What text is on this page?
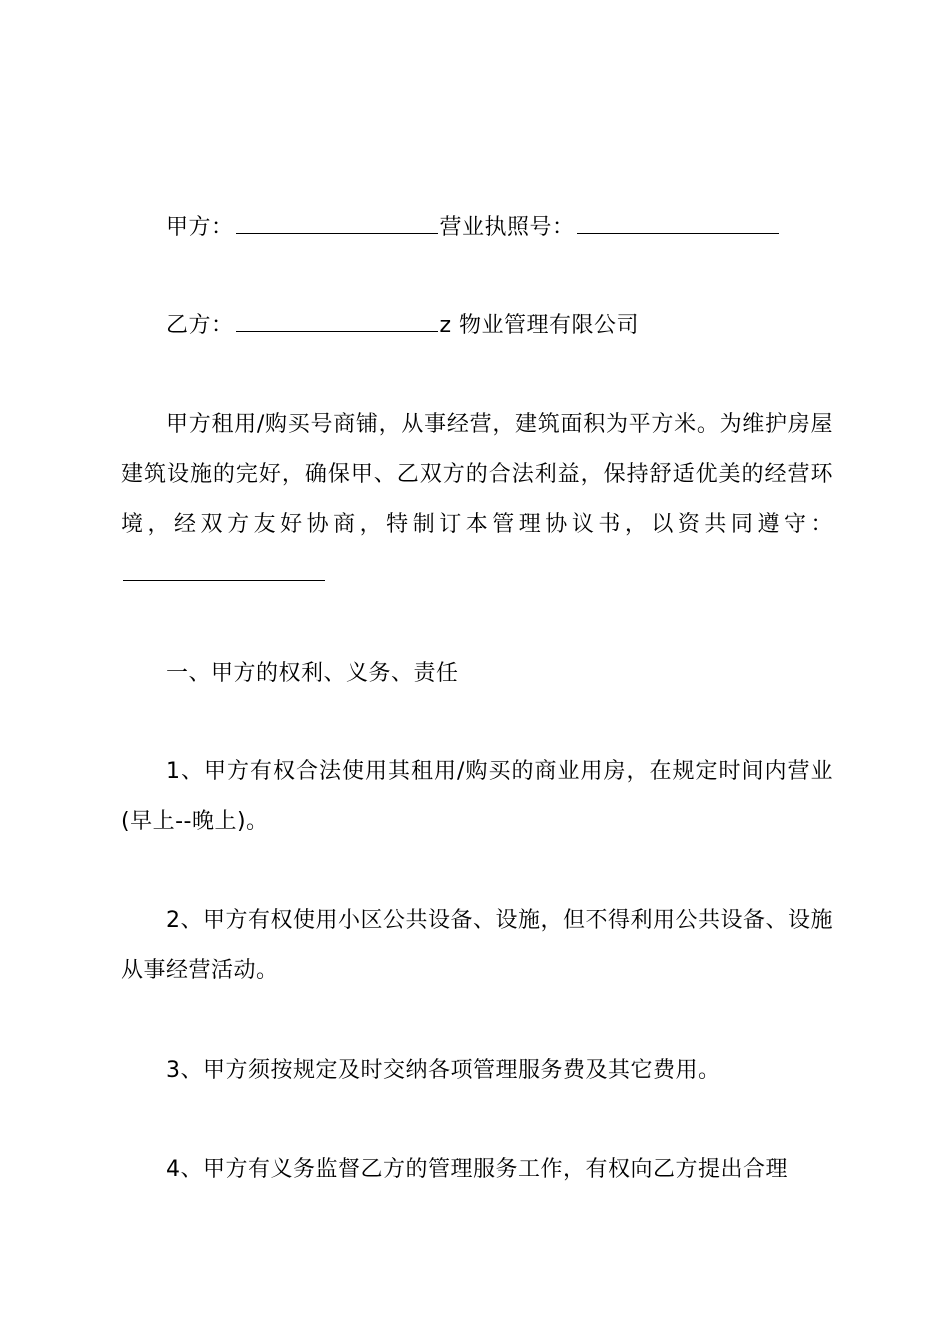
甲方：	营业执照号：

乙方：	z 物业管理有限公司

甲方租用/购买号商铺，从事经营，建筑面积为平方米。为维护房屋建筑设施的完好，确保甲、乙双方的合法利益，保持舒适优美的经营环境，经双方友好协商，特制订本管理协议书，以资共同遵守：

一、甲方的权利、义务、责任

1、甲方有权合法使用其租用/购买的商业用房，在规定时间内营业(早上--晚上)。

2、甲方有权使用小区公共设备、设施，但不得利用公共设备、设施从事经营活动。

3、甲方须按规定及时交纳各项管理服务费及其它费用。

4、甲方有义务监督乙方的管理服务工作，有权向乙方提出合理
